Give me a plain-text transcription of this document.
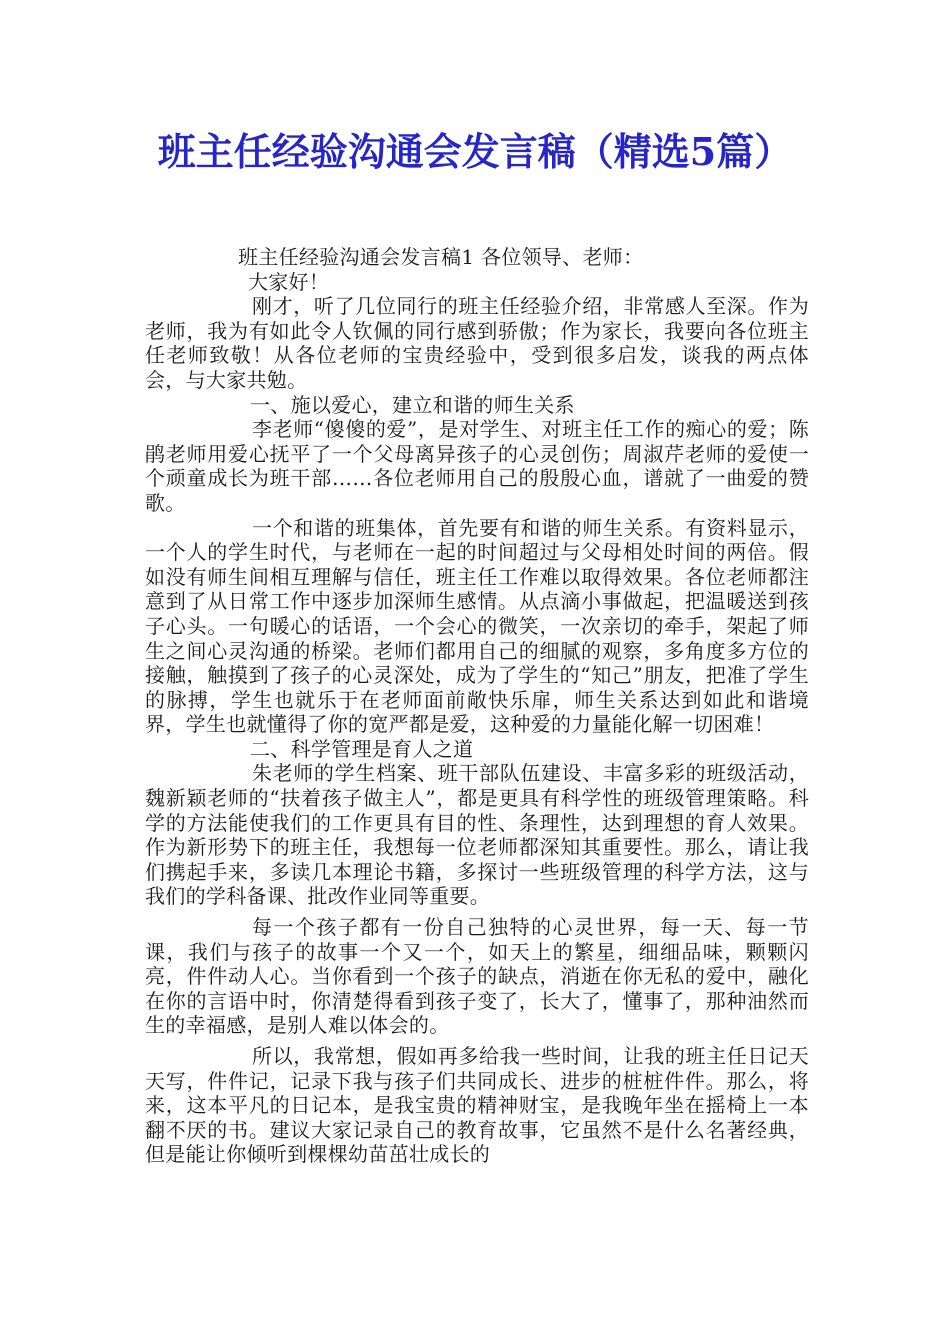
班主任经验沟通会发言稿（精选5篇）

班主任经验沟通会发言稿1 各位领导、老师：

大家好！

刚才，听了几位同行的班主任经验介绍，非常感人至深。作为老师，我为有如此令人钦佩的同行感到骄傲；作为家长，我要向各位班主任老师致敬！从各位老师的宝贵经验中，受到很多启发，谈我的两点体会，与大家共勉。

一、施以爱心，建立和谐的师生关系

李老师“傻傻的爱”，是对学生、对班主任工作的痴心的爱；陈鹃老师用爱心抚平了一个父母离异孩子的心灵创伤；周淑芹老师的爱使一个顽童成长为班干部……各位老师用自己的殷殷心血，谱就了一曲爱的赞歌。

一个和谐的班集体，首先要有和谐的师生关系。有资料显示，一个人的学生时代，与老师在一起的时间超过与父母相处时间的两倍。假如没有师生间相互理解与信任，班主任工作难以取得效果。各位老师都注意到了从日常工作中逐步加深师生感情。从点滴小事做起，把温暖送到孩子心头。一句暖心的话语，一个会心的微笑，一次亲切的牵手，架起了师生之间心灵沟通的桥梁。老师们都用自己的细腻的观察，多角度多方位的接触，触摸到了孩子的心灵深处，成为了学生的“知己”朋友，把准了学生的脉搏，学生也就乐于在老师面前敞快乐扉，师生关系达到如此和谐境界，学生也就懂得了你的宽严都是爱，这种爱的力量能化解一切困难！

二、科学管理是育人之道

朱老师的学生档案、班干部队伍建设、丰富多彩的班级活动，魏新颖老师的“扶着孩子做主人”，都是更具有科学性的班级管理策略。科学的方法能使我们的工作更具有目的性、条理性，达到理想的育人效果。作为新形势下的班主任，我想每一位老师都深知其重要性。那么，请让我们携起手来，多读几本理论书籍，多探讨一些班级管理的科学方法，这与我们的学科备课、批改作业同等重要。

每一个孩子都有一份自己独特的心灵世界，每一天、每一节课，我们与孩子的故事一个又一个，如天上的繁星，细细品味，颗颗闪亮，件件动人心。当你看到一个孩子的缺点，消逝在你无私的爱中，融化在你的言语中时，你清楚得看到孩子变了，长大了，懂事了，那种油然而生的幸福感，是别人难以体会的。

所以，我常想，假如再多给我一些时间，让我的班主任日记天天写，件件记，记录下我与孩子们共同成长、进步的桩桩件件。那么，将来，这本平凡的日记本，是我宝贵的精神财宝，是我晚年坐在摇椅上一本翻不厌的书。建议大家记录自己的教育故事，它虽然不是什么名著经典，但是能让你倾听到棵棵幼苗茁壮成长的
